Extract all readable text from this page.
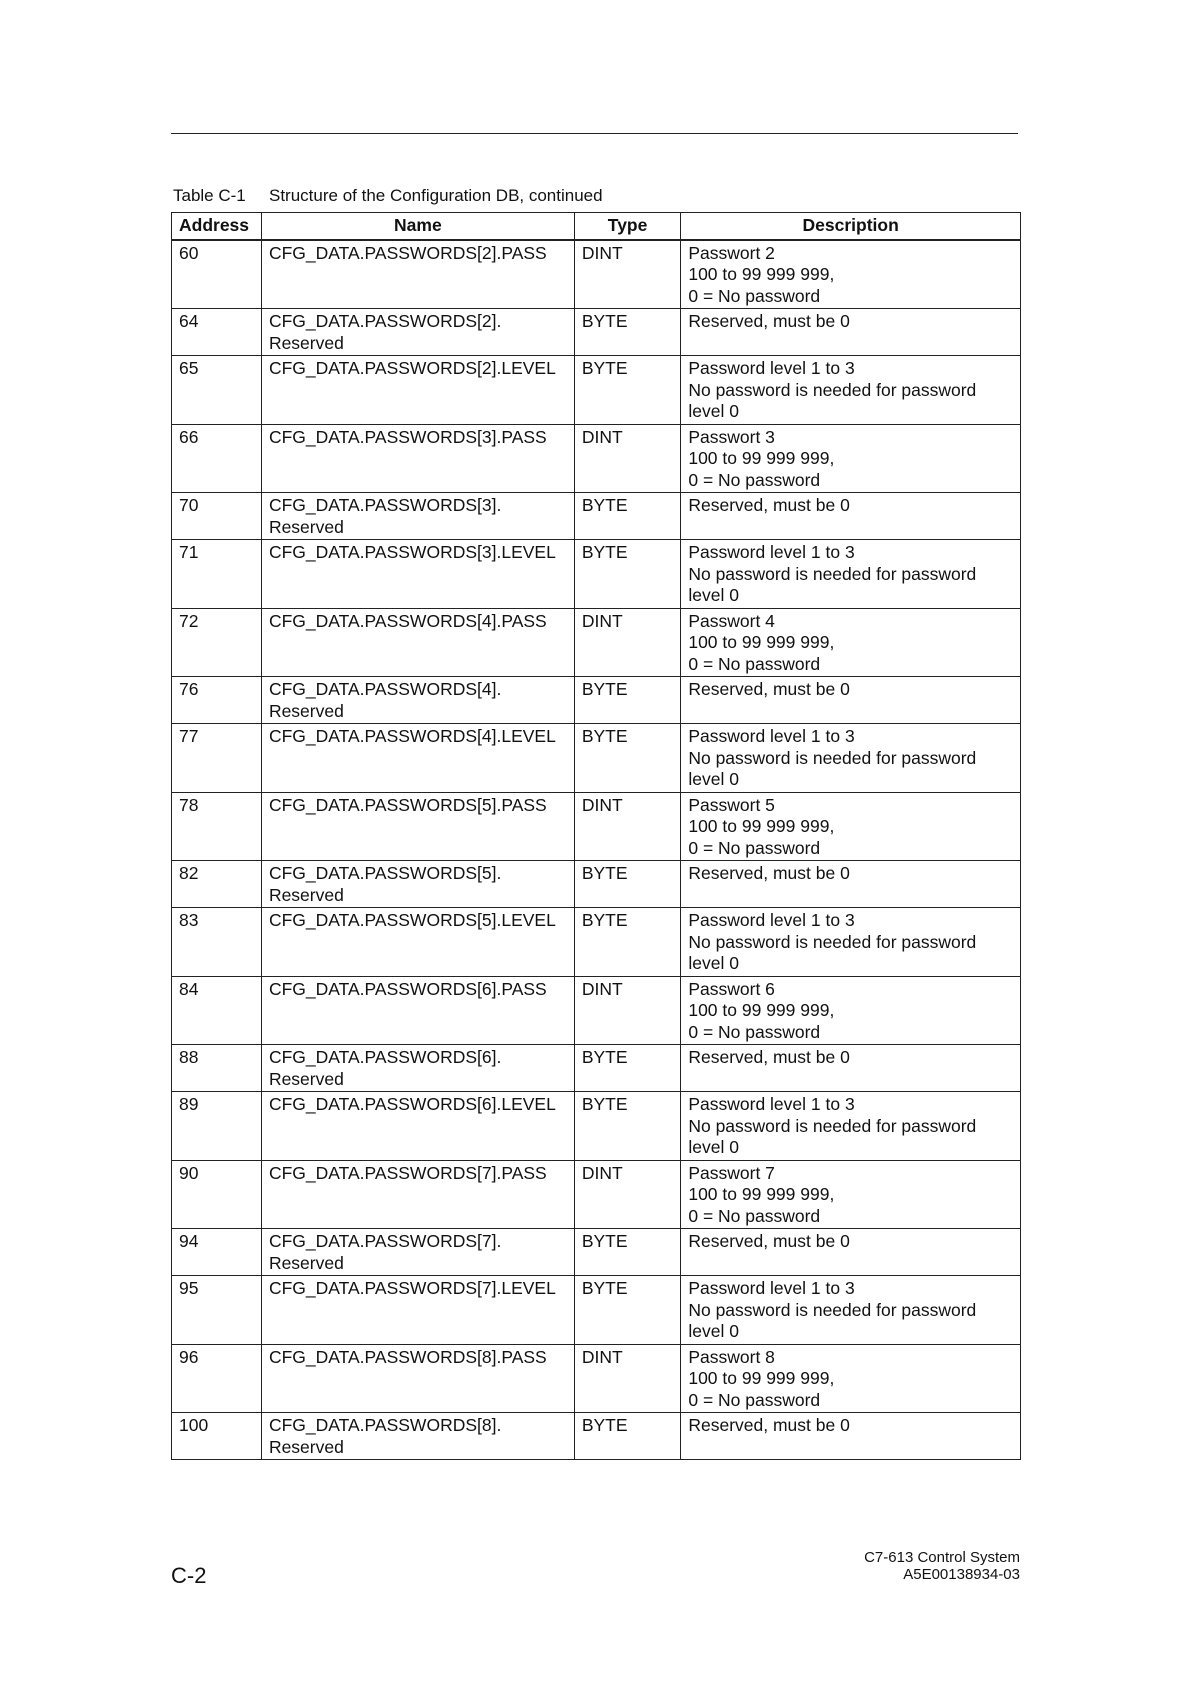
Table C-1 Structure of the Configuration DB, continued
Address	Name	Type	Description
60	CFG_DATA.PASSWORDS[2].PASS	DINT	Passwort 2
100 to 99 999 999,
0 = No password

64	CFG_DATA.PASSWORDS[2].
Reserved	BYTE	Reserved, must be 0

65	CFG_DATA.PASSWORDS[2].LEVEL	BYTE	Password level 1 to 3
No password is needed for password
level 0

66	CFG_DATA.PASSWORDS[3].PASS	DINT	Passwort 3
100 to 99 999 999,
0 = No password

70	CFG_DATA.PASSWORDS[3].
Reserved	BYTE	Reserved, must be 0

71	CFG_DATA.PASSWORDS[3].LEVEL	BYTE	Password level 1 to 3
No password is needed for password
level 0

72	CFG_DATA.PASSWORDS[4].PASS	DINT	Passwort 4
100 to 99 999 999,
0 = No password

76	CFG_DATA.PASSWORDS[4].
Reserved	BYTE	Reserved, must be 0

77	CFG_DATA.PASSWORDS[4].LEVEL	BYTE	Password level 1 to 3
No password is needed for password
level 0

78	CFG_DATA.PASSWORDS[5].PASS	DINT	Passwort 5
100 to 99 999 999,
0 = No password

82	CFG_DATA.PASSWORDS[5].
Reserved	BYTE	Reserved, must be 0

83	CFG_DATA.PASSWORDS[5].LEVEL	BYTE	Password level 1 to 3
No password is needed for password
level 0

84	CFG_DATA.PASSWORDS[6].PASS	DINT	Passwort 6
100 to 99 999 999,
0 = No password

88	CFG_DATA.PASSWORDS[6].
Reserved	BYTE	Reserved, must be 0

89	CFG_DATA.PASSWORDS[6].LEVEL	BYTE	Password level 1 to 3
No password is needed for password
level 0

90	CFG_DATA.PASSWORDS[7].PASS	DINT	Passwort 7
100 to 99 999 999,
0 = No password

94	CFG_DATA.PASSWORDS[7].
Reserved	BYTE	Reserved, must be 0

95	CFG_DATA.PASSWORDS[7].LEVEL	BYTE	Password level 1 to 3
No password is needed for password
level 0

96	CFG_DATA.PASSWORDS[8].PASS	DINT	Passwort 8
100 to 99 999 999,
0 = No password

100	CFG_DATA.PASSWORDS[8].
Reserved	BYTE	Reserved, must be 0
C-2
C7-613 Control System
A5E00138934-03
